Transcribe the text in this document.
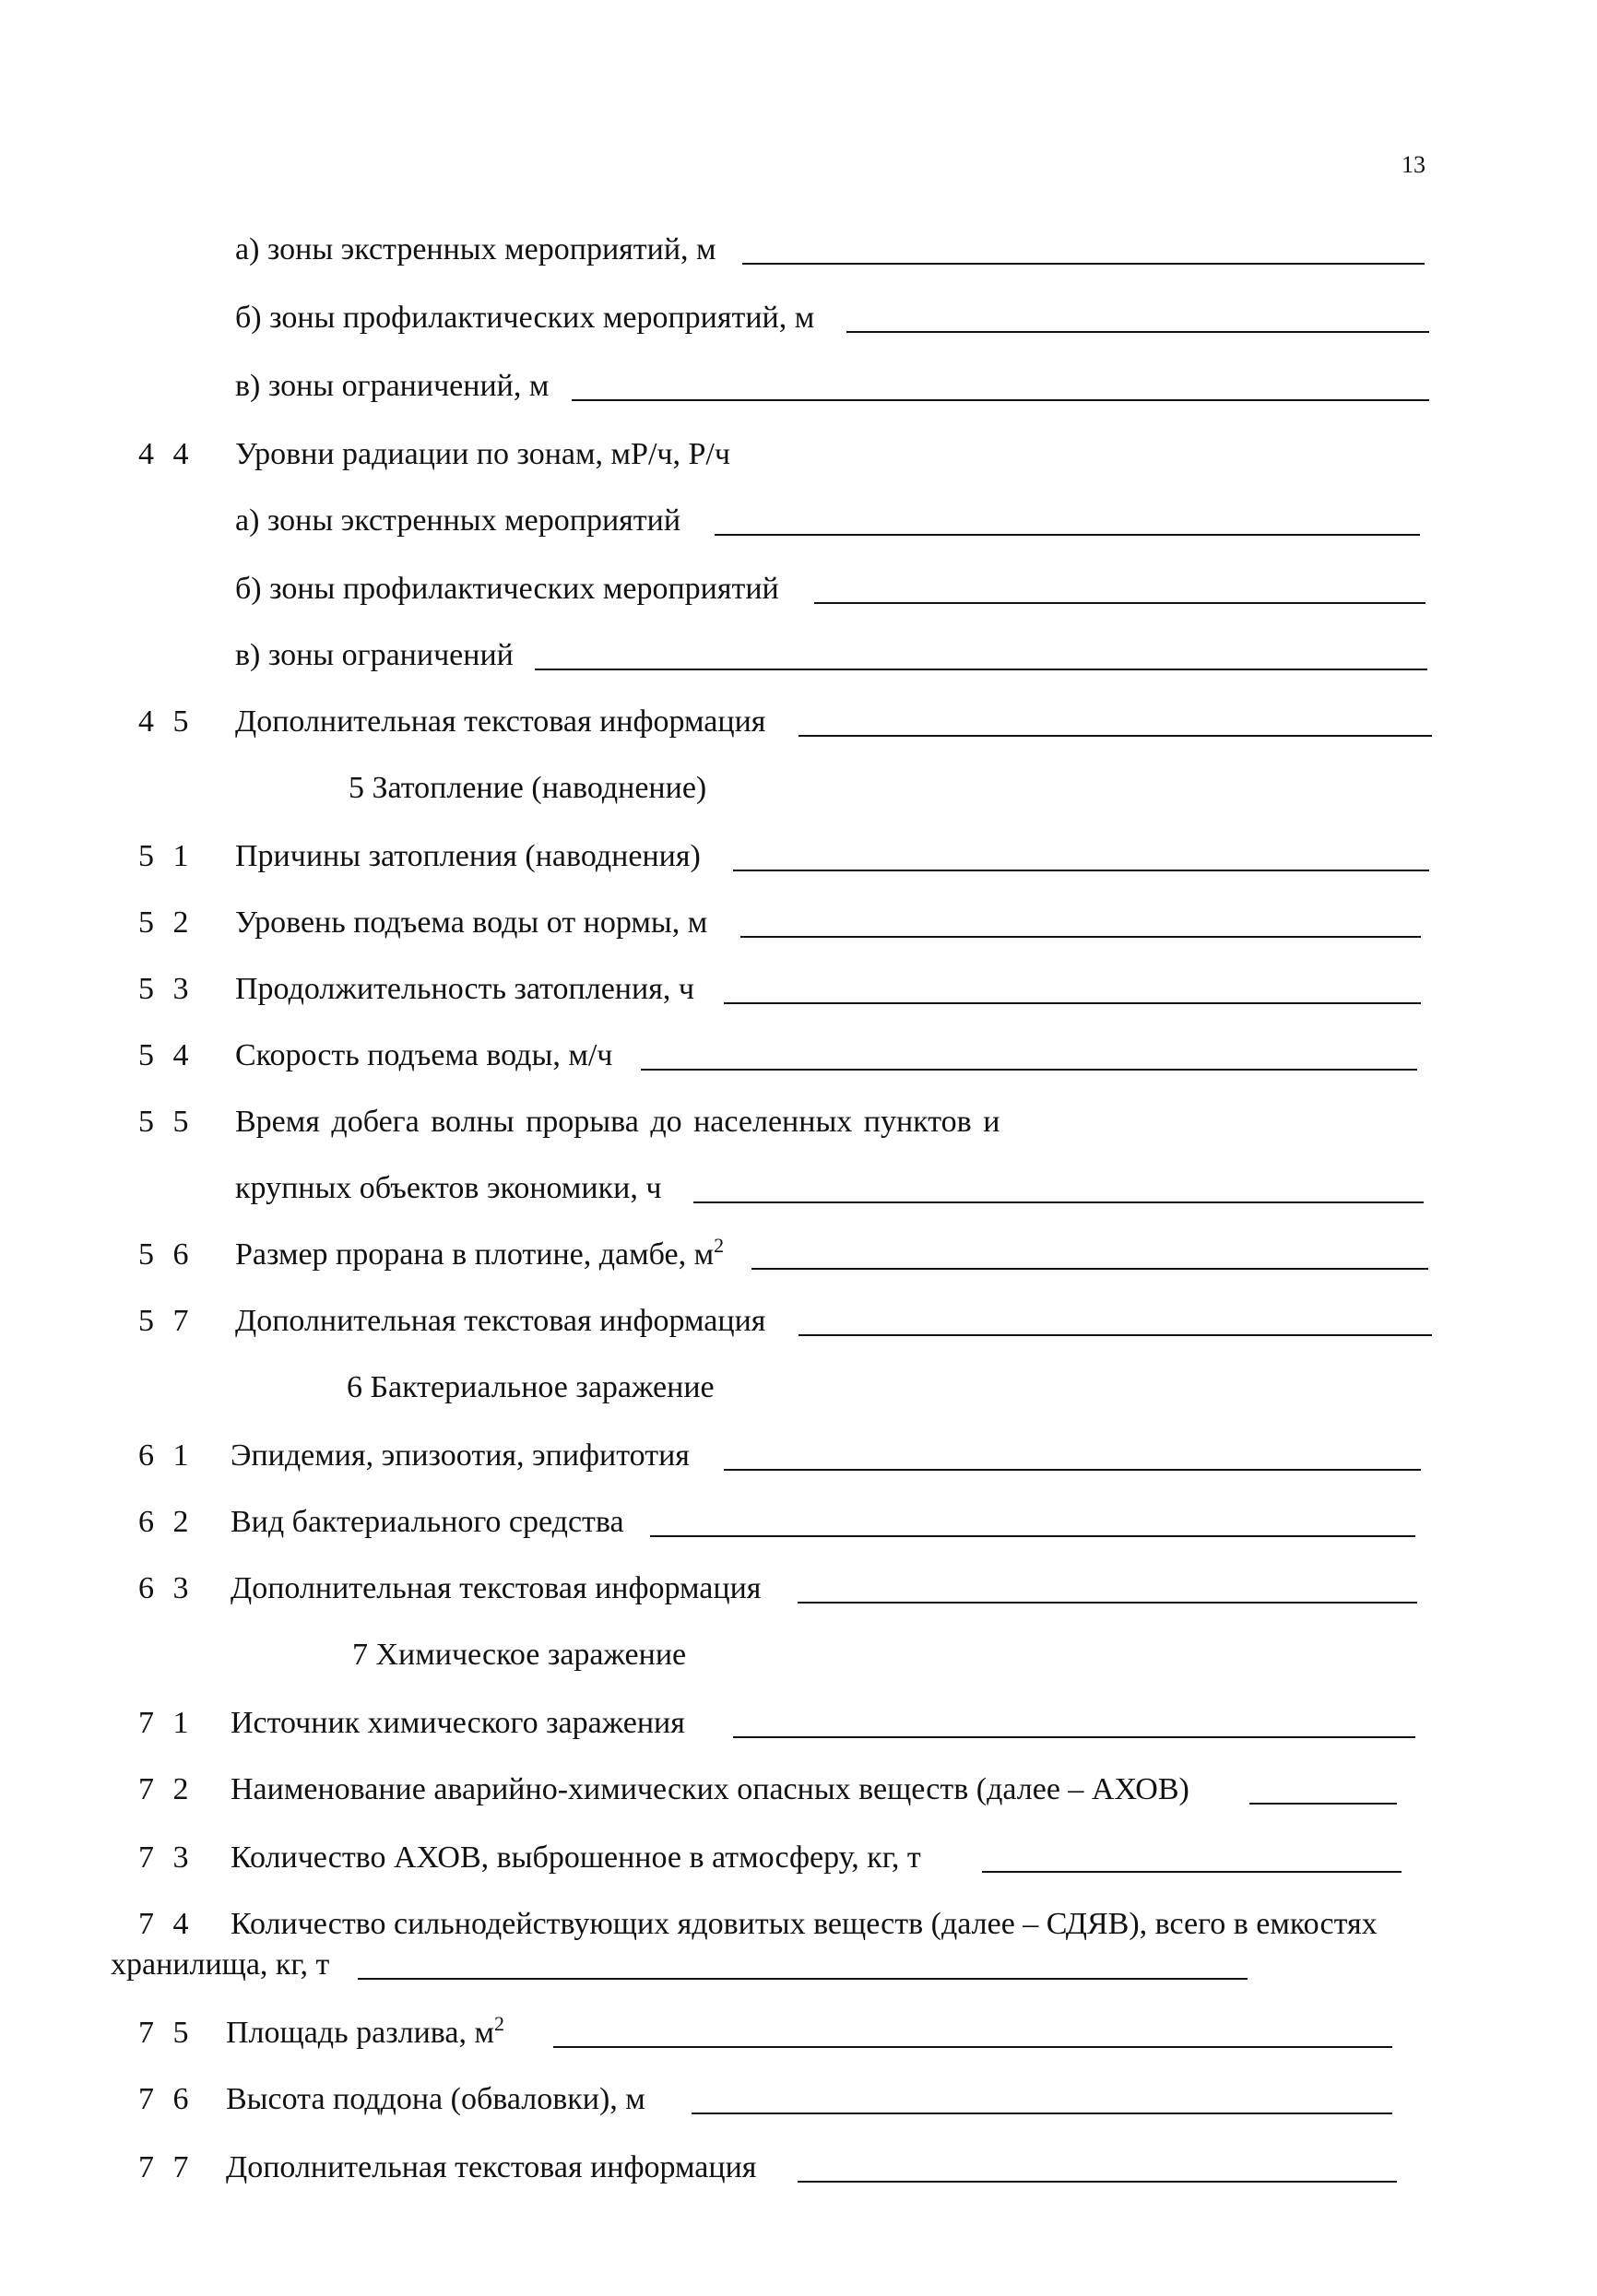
13
а) зоны экстренных мероприятий, м
б) зоны профилактических мероприятий, м
в) зоны ограничений, м
4 4 Уровни радиации по зонам, мР/ч, Р/ч
а) зоны экстренных мероприятий
б) зоны профилактических мероприятий
в) зоны ограничений
4 5 Дополнительная текстовая информация
5 Затопление (наводнение)
5 1 Причины затопления (наводнения)
5 2 Уровень подъема воды от нормы, м
5 3 Продолжительность затопления, ч
5 4 Скорость подъема воды, м/ч
5 5 Время добега волны прорыва до населенных пунктов и
крупных объектов экономики, ч
5 6 Размер прорана в плотине, дамбе, $м^2$
5 7 Дополнительная текстовая информация
6 Бактериальное заражение
6 1 Эпидемия, эпизоотия, эпифитотия
6 2 Вид бактериального средства
6 3 Дополнительная текстовая информация
7 Химическое заражение
7 1 Источник химического заражения
7 2 Наименование аварийно-химических опасных веществ (далее – АХОВ)
7 3 Количество АХОВ, выброшенное в атмосферу, кг, т
7 4 Количество сильнодействующих ядовитых веществ (далее – СДЯВ), всего в емкостях
хранилища, кг, т
7 5 Площадь разлива, $м^2$
7 6 Высота поддона (обваловки), м
7 7 Дополнительная текстовая информация
